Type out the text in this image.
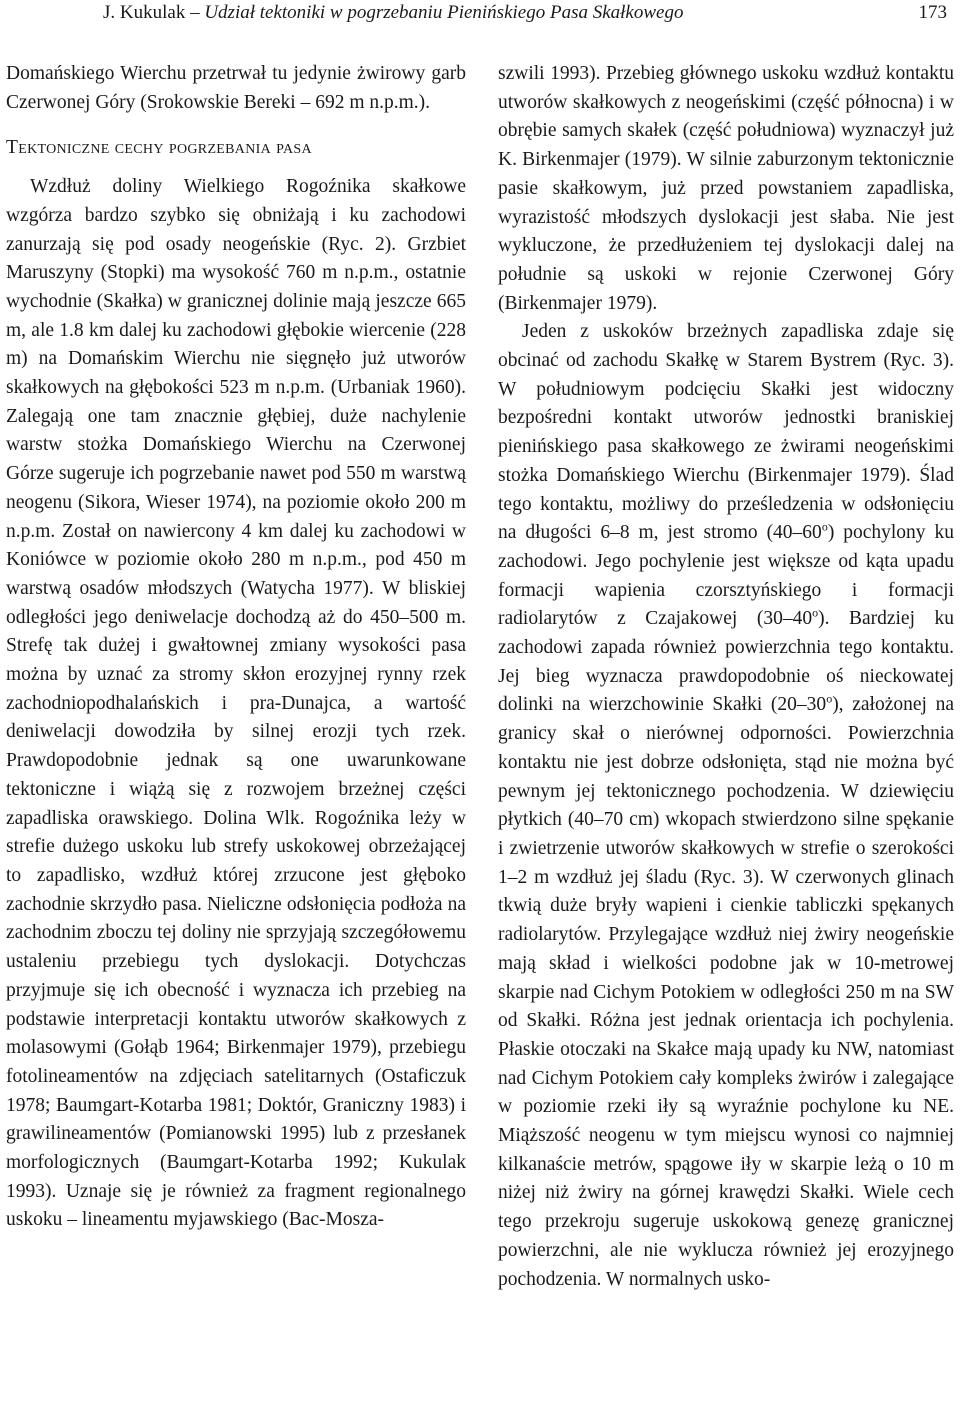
J. Kukulak – Udział tektoniki w pogrzebaniu Pienińskiego Pasa Skałkowego	173

Domańskiego Wierchu przetrwał tu jedynie żwirowy garb Czerwonej Góry (Srokowskie Bereki – 692 m n.p.m.).

Tektoniczne cechy pogrzebania pasa

Wzdłuż doliny Wielkiego Rogoźnika skałkowe wzgórza bardzo szybko się obniżają i ku zachodowi zanurzają się pod osady neogeńskie (Ryc. 2). Grzbiet Maruszyny (Stopki) ma wysokość 760 m n.p.m., ostatnie wychodnie (Skałka) w granicznej dolinie mają jeszcze 665 m, ale 1.8 km dalej ku zachodowi głębokie wiercenie (228 m) na Domańskim Wierchu nie sięgnęło już utworów skałkowych na głębokości 523 m n.p.m. (Urbaniak 1960). Zalegają one tam znacznie głębiej, duże nachylenie warstw stożka Domańskiego Wierchu na Czerwonej Górze sugeruje ich pogrzebanie nawet pod 550 m warstwą neogenu (Sikora, Wieser 1974), na poziomie około 200 m n.p.m. Został on nawiercony 4 km dalej ku zachodowi w Koniówce w poziomie około 280 m n.p.m., pod 450 m warstwą osadów młodszych (Watycha 1977). W bliskiej odległości jego deniwelacje dochodzą aż do 450–500 m. Strefę tak dużej i gwałtownej zmiany wysokości pasa można by uznać za stromy skłon erozyjnej rynny rzek zachodniopodhalańskich i pra-Dunajca, a wartość deniwelacji dowodziła by silnej erozji tych rzek. Prawdopodobnie jednak są one uwarunkowane tektoniczne i wiążą się z rozwojem brzeżnej części zapadliska orawskiego. Dolina Wlk. Rogoźnika leży w strefie dużego uskoku lub strefy uskokowej obrzeżającej to zapadlisko, wzdłuż której zrzucone jest głęboko zachodnie skrzydło pasa. Nieliczne odsłonięcia podłoża na zachodnim zboczu tej doliny nie sprzyjają szczegółowemu ustaleniu przebiegu tych dyslokacji. Dotychczas przyjmuje się ich obecność i wyznacza ich przebieg na podstawie interpretacji kontaktu utworów skałkowych z molasowymi (Gołąb 1964; Birkenmajer 1979), przebiegu fotolineamentów na zdjęciach satelitarnych (Ostaficzuk 1978; Baumgart-Kotarba 1981; Doktór, Graniczny 1983) i grawilineamentów (Pomianowski 1995) lub z przesłanek morfologicznych (Baumgart-Kotarba 1992; Kukulak 1993). Uznaje się je również za fragment regionalnego uskoku – lineamentu myjawskiego (Bac-Mosza-

szwili 1993). Przebieg głównego uskoku wzdłuż kontaktu utworów skałkowych z neogeńskimi (część północna) i w obrębie samych skałek (część południowa) wyznaczył już K. Birkenmajer (1979). W silnie zaburzonym tektonicznie pasie skałkowym, już przed powstaniem zapadliska, wyrazistość młodszych dyslokacji jest słaba. Nie jest wykluczone, że przedłużeniem tej dyslokacji dalej na południe są uskoki w rejonie Czerwonej Góry (Birkenmajer 1979).

Jeden z uskoków brzeżnych zapadliska zdaje się obcinać od zachodu Skałkę w Starem Bystrem (Ryc. 3). W południowym podcięciu Skałki jest widoczny bezpośredni kontakt utworów jednostki braniskiej pienińskiego pasa skałkowego ze żwirami neogeńskimi stożka Domańskiego Wierchu (Birkenmajer 1979). Ślad tego kontaktu, możliwy do prześledzenia w odsłonięciu na długości 6–8 m, jest stromo (40–60$^o$) pochylony ku zachodowi. Jego pochylenie jest większe od kąta upadu formacji wapienia czorsztyńskiego i formacji radiolarytów z Czajakowej (30–40$^o$). Bardziej ku zachodowi zapada również powierzchnia tego kontaktu. Jej bieg wyznacza prawdopodobnie oś nieckowatej dolinki na wierzchowinie Skałki (20–30$^o$), założonej na granicy skał o nierównej odporności. Powierzchnia kontaktu nie jest dobrze odsłonięta, stąd nie można być pewnym jej tektonicznego pochodzenia. W dziewięciu płytkich (40–70 cm) wkopach stwierdzono silne spękanie i zwietrzenie utworów skałkowych w strefie o szerokości 1–2 m wzdłuż jej śladu (Ryc. 3). W czerwonych glinach tkwią duże bryły wapieni i cienkie tabliczki spękanych radiolarytów. Przylegające wzdłuż niej żwiry neogeńskie mają skład i wielkości podobne jak w 10-metrowej skarpie nad Cichym Potokiem w odległości 250 m na SW od Skałki. Różna jest jednak orientacja ich pochylenia. Płaskie otoczaki na Skałce mają upady ku NW, natomiast nad Cichym Potokiem cały kompleks żwirów i zalegające w poziomie rzeki iły są wyraźnie pochylone ku NE. Miąższość neogenu w tym miejscu wynosi co najmniej kilkanaście metrów, spągowe iły w skarpie leżą o 10 m niżej niż żwiry na górnej krawędzi Skałki. Wiele cech tego przekroju sugeruje uskokową genezę granicznej powierzchni, ale nie wyklucza również jej erozyjnego pochodzenia. W normalnych usko-
